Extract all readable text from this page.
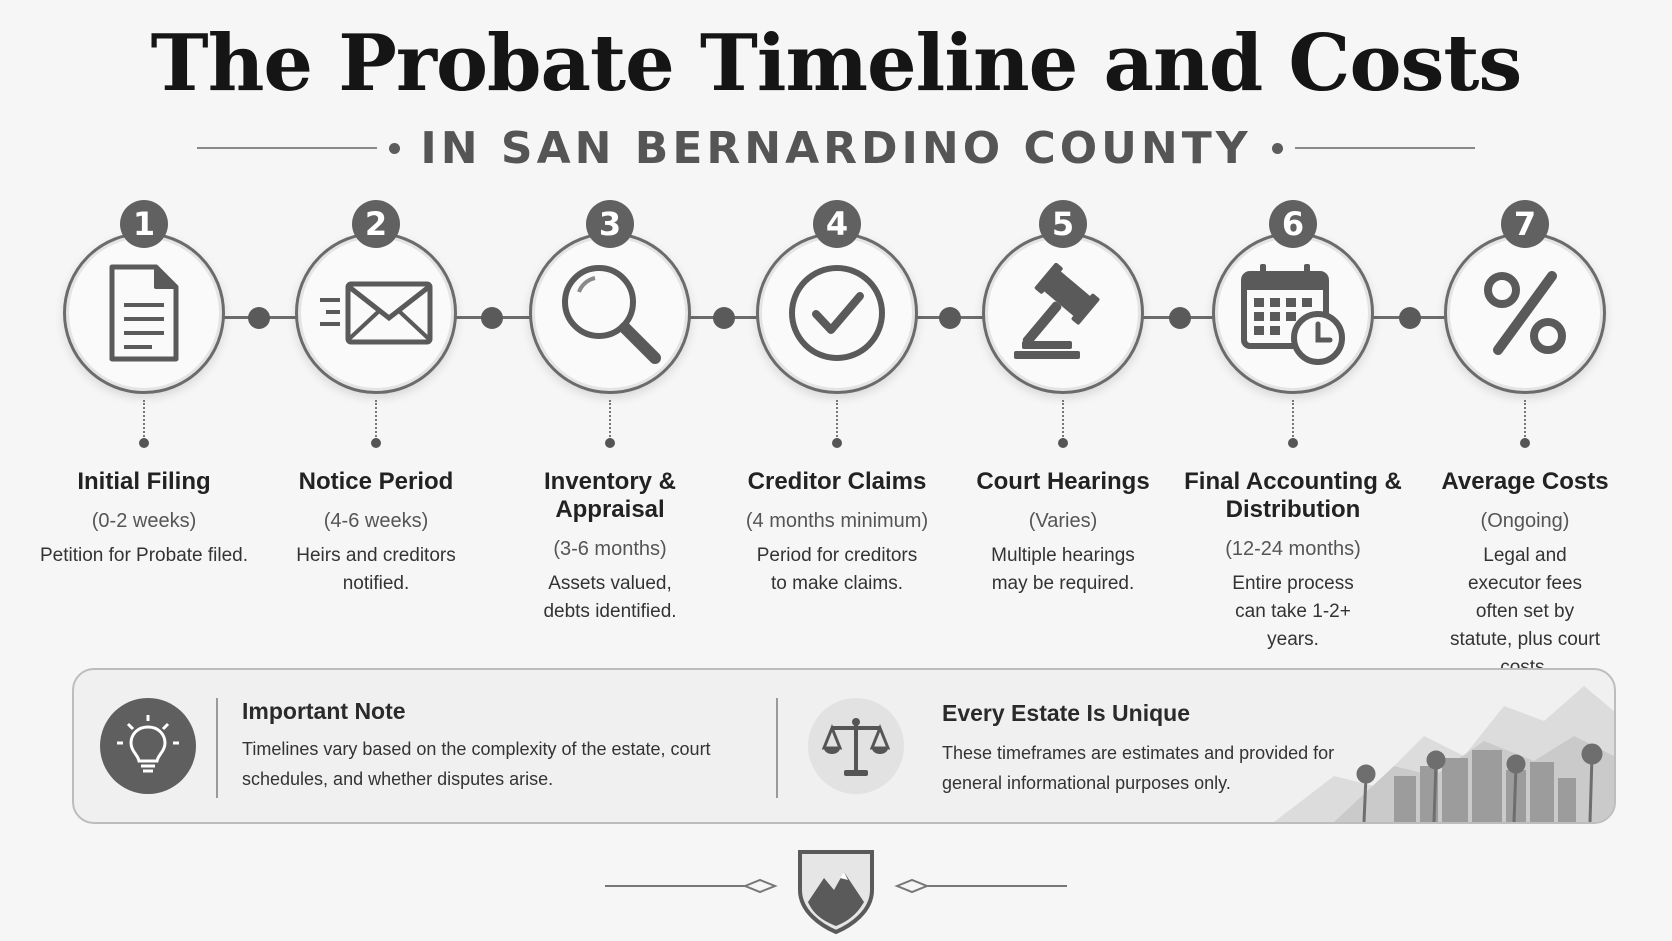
The Probate Timeline and Costs
IN SAN BERNARDINO COUNTY
1
Initial Filing
(0-2 weeks)
Petition for Probate filed.
2
Notice Period
(4-6 weeks)
Heirs and creditors notified.
3
Inventory & Appraisal
(3-6 months)
Assets valued, debts identified.
4
Creditor Claims
(4 months minimum)
Period for creditors to make claims.
5
Court Hearings
(Varies)
Multiple hearings may be required.
6
Final Accounting & Distribution
(12-24 months)
Entire process can take 1-2+ years.
7
Average Costs
(Ongoing)
Legal and executor fees often set by statute, plus court
Important Note
Timelines vary based on the complexity of the estate, court schedules, and whether disputes arise.
Every Estate Is Unique
These timeframes are estimates and provided for general informational purposes only.
